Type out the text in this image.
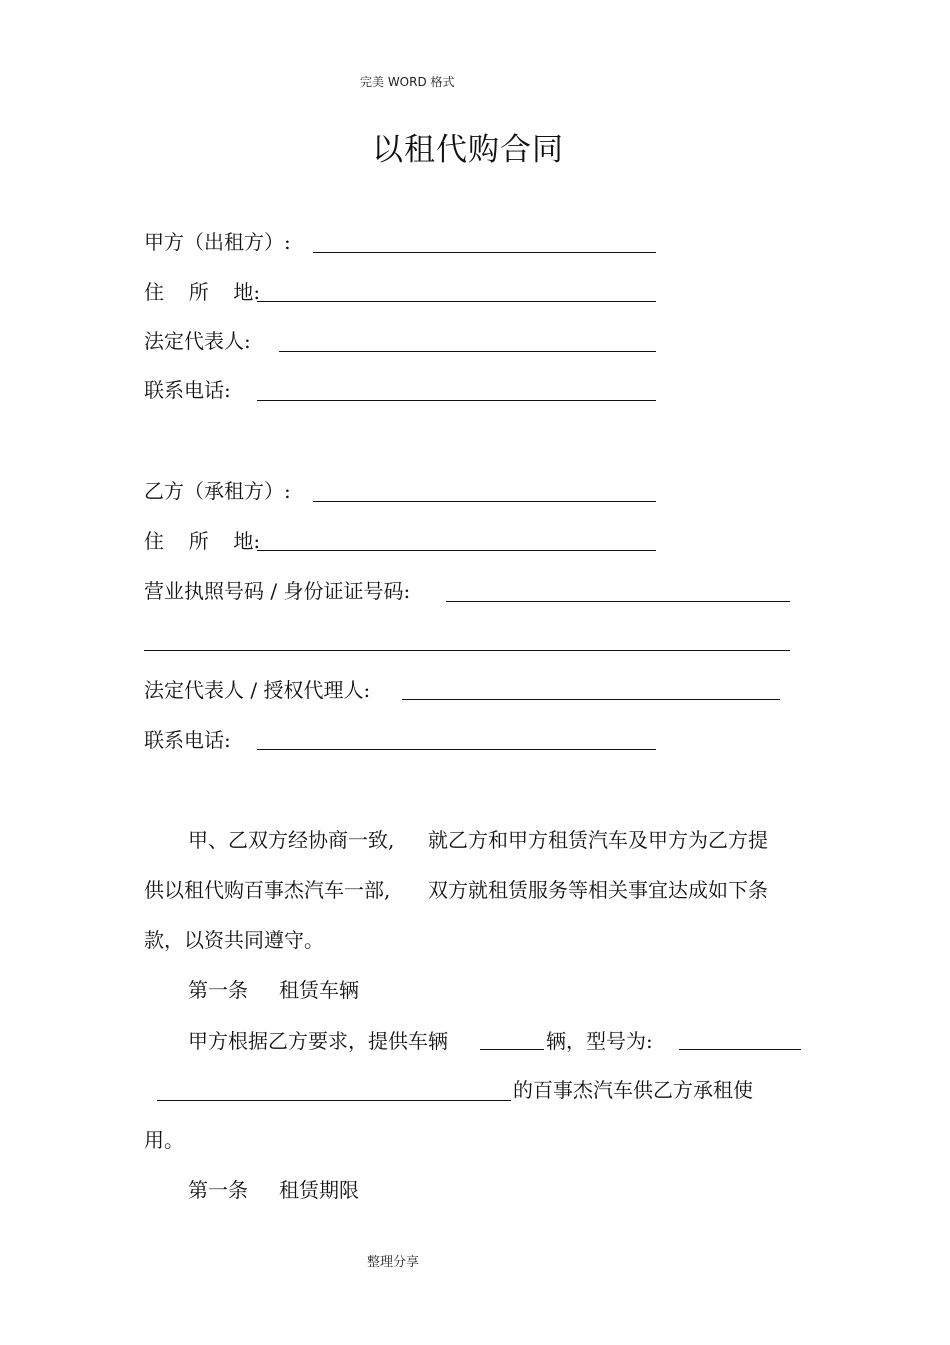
完美 WORD 格式
以租代购合同
甲方（出租方）:
住  所  地:
法定代表人:
联系电话:
乙方（承租方）:
住  所  地:
营业执照号码 / 身份证证号码:
法定代表人 / 授权代理人:
联系电话:
甲、乙双方经协商一致, 就乙方和甲方租赁汽车及甲方为乙方提
供以租代购百事杰汽车一部, 双方就租赁服务等相关事宜达成如下条
款，以资共同遵守。
第一条 租赁车辆
甲方根据乙方要求，提供车辆	辆，型号为:
的百事杰汽车供乙方承租使
用。
第一条 租赁期限
整理分享
